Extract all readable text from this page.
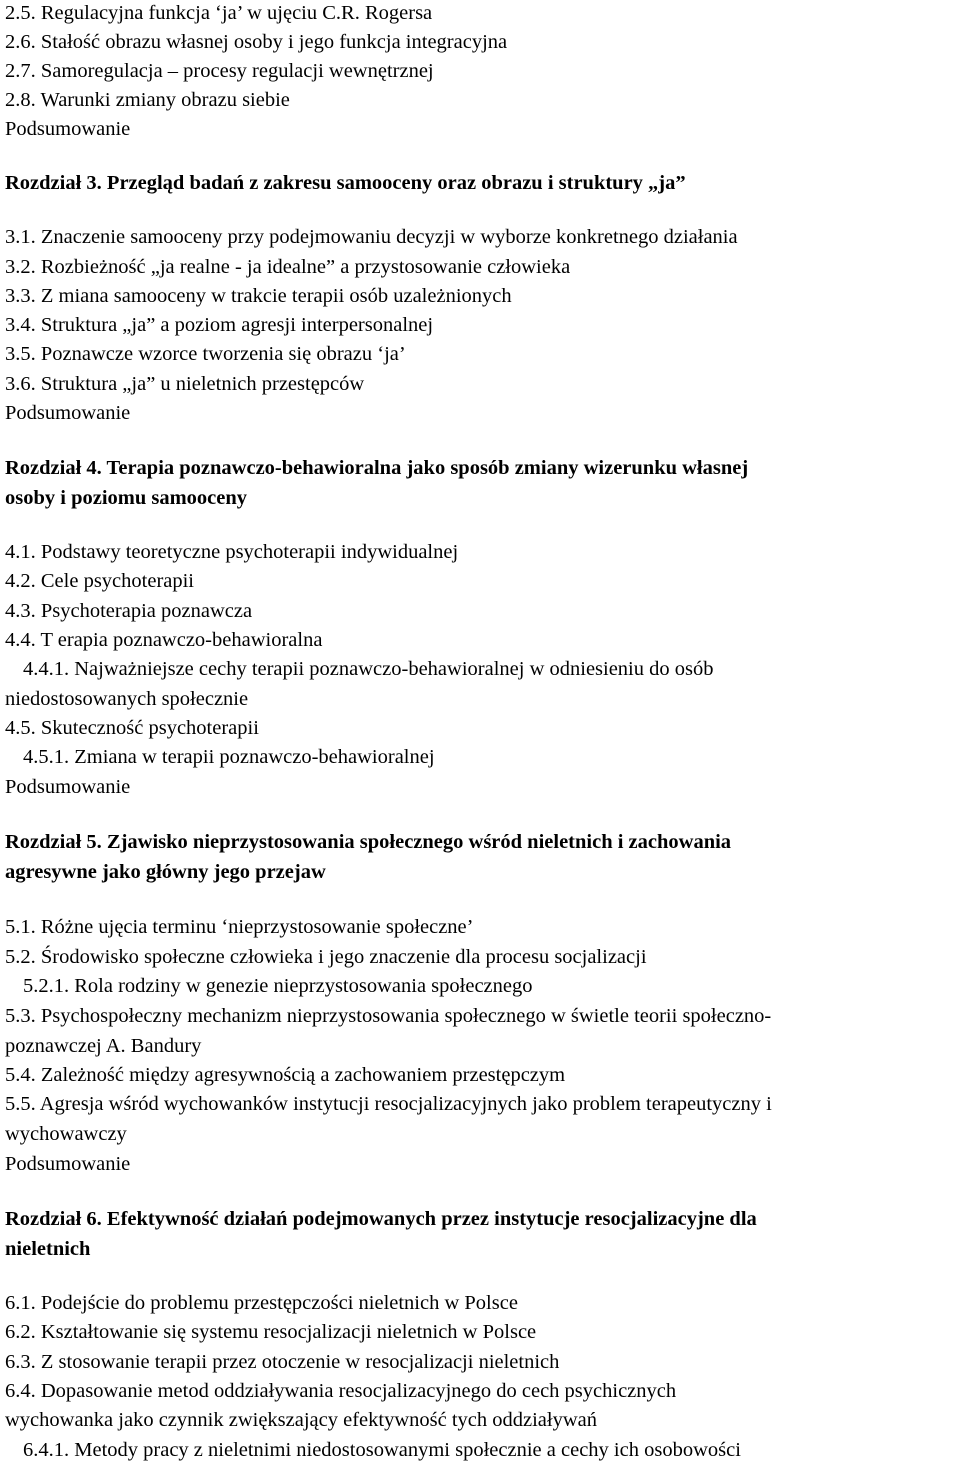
2.5. Regulacyjna funkcja ‘ja’ w ujęciu C.R. Rogersa
2.6. Stałość obrazu własnej osoby i jego funkcja integracyjna
2.7. Samoregulacja – procesy regulacji wewnętrznej
2.8. Warunki zmiany obrazu siebie
Podsumowanie
Rozdział 3. Przegląd badań z zakresu samooceny oraz obrazu i struktury „ja”
3.1. Znaczenie samooceny przy podejmowaniu decyzji w wyborze konkretnego działania
3.2. Rozbieżność „ja realne - ja idealne” a przystosowanie człowieka
3.3. Z miana samooceny w trakcie terapii osób uzależnionych
3.4. Struktura „ja” a poziom agresji interpersonalnej
3.5. Poznawcze wzorce tworzenia się obrazu ‘ja’
3.6. Struktura „ja” u nieletnich przestępców
Podsumowanie
Rozdział 4. Terapia poznawczo-behawioralna jako sposób zmiany wizerunku własnej
osoby i poziomu samooceny
4.1. Podstawy teoretyczne psychoterapii indywidualnej
4.2. Cele psychoterapii
4.3. Psychoterapia poznawcza
4.4. T erapia poznawczo-behawioralna
4.4.1. Najważniejsze cechy terapii poznawczo-behawioralnej w odniesieniu do osób
niedostosowanych społecznie
4.5. Skuteczność psychoterapii
4.5.1. Zmiana w terapii poznawczo-behawioralnej
Podsumowanie
Rozdział 5. Zjawisko nieprzystosowania społecznego wśród nieletnich i zachowania
agresywne jako główny jego przejaw
5.1. Różne ujęcia terminu ‘nieprzystosowanie społeczne’
5.2. Środowisko społeczne człowieka i jego znaczenie dla procesu socjalizacji
5.2.1. Rola rodziny w genezie nieprzystosowania społecznego
5.3. Psychospołeczny mechanizm nieprzystosowania społecznego w świetle teorii społeczno-
poznawczej A. Bandury
5.4. Zależność między agresywnością a zachowaniem przestępczym
5.5. Agresja wśród wychowanków instytucji resocjalizacyjnych jako problem terapeutyczny i
wychowawczy
Podsumowanie
Rozdział 6. Efektywność działań podejmowanych przez instytucje resocjalizacyjne dla
nieletnich
6.1. Podejście do problemu przestępczości nieletnich w Polsce
6.2. Kształtowanie się systemu resocjalizacji nieletnich w Polsce
6.3. Z stosowanie terapii przez otoczenie w resocjalizacji nieletnich
6.4. Dopasowanie metod oddziaływania resocjalizacyjnego do cech psychicznych
wychowanka jako czynnik zwiększający efektywność tych oddziaływań
6.4.1. Metody pracy z nieletnimi niedostosowanymi społecznie a cechy ich osobowości
